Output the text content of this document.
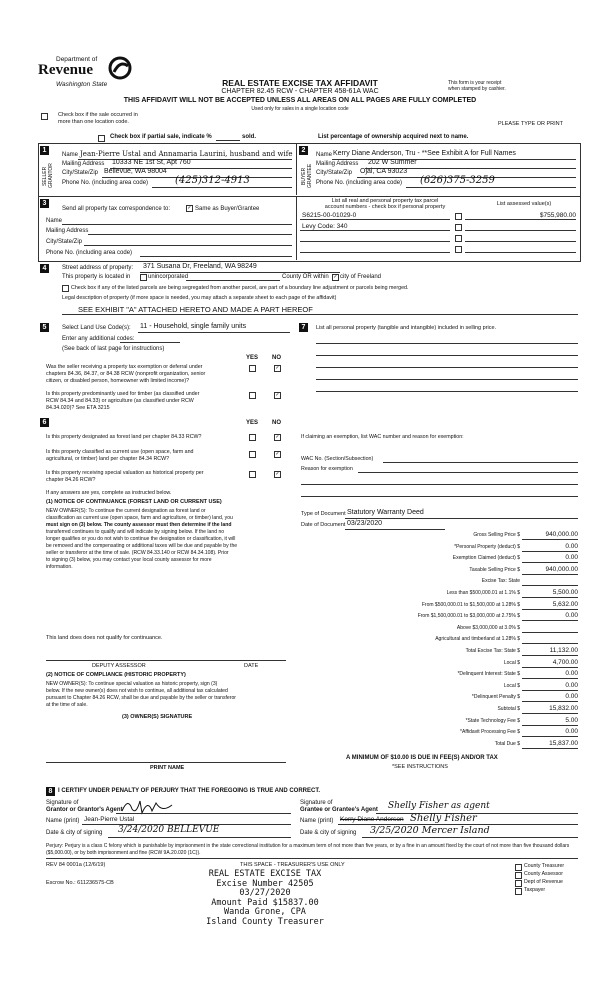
Department of
Revenue
Washington State	REAL ESTATE EXCISE TAX AFFIDAVIT
CHAPTER 82.45 RCW - CHAPTER 458-61A WAC
THIS AFFIDAVIT WILL NOT BE ACCEPTED UNLESS ALL AREAS ON ALL PAGES ARE FULLY COMPLETED
Used only for sales in a single location code
This form is your receipt
when stamped by cashier.
Check box if the sale occurred in
more than one location code.	PLEASE TYPE OR PRINT
Check box if partial sale, indicate %	sold.	List percentage of ownership acquired next to name.
1
SELLER GRANTOR
Name Jean-Pierre Ustal and Annamaria Laurini, husband and wife
Mailing Address 10333 NE 1st St, Apt 760
City/State/Zip Bellevue, WA 98004
Phone No. (including area code)	(425)312-4913
2
BUYER GRANTEE
Name Kerry Diane Anderson, Tru - **See Exhibit A for Full Names
Mailing Address 202 W Summer
City/State/Zip Ojai, CA 93023
Phone No. (including area code) (626)375-3259
3
Send all property tax correspondence to:	✓ Same as Buyer/Grantee
Name
Mailing Address
City/State/Zip
Phone No. (including area code)
List all real and personal property tax parcel
account numbers - check box if personal property	List assessed value(s)
S6215-00-01029-0
Levy Code: 340
$755,980.00
4	Street address of property: 371 Susana Dr, Freeland, WA 98249
This property is located in	unincorporated	County OR within ✓ city of Freeland
Check box if any of the listed parcels are being segregated from another parcel, are part of a boundary line adjustment or parcels being merged.
Legal description of property (if more space is needed, you may attach a separate sheet to each page of the affidavit)
SEE EXHIBIT "A" ATTACHED HERETO AND MADE A PART HEREOF
5	Select Land Use Code(s): 11 - Household, single family units
Enter any additional codes:
(See back of last page for instructions)
YES NO
Was the seller receiving a property tax exemption or deferral under
chapters 84.36, 84.37, or 84.38 RCW (nonprofit organization, senior
citizen, or disabled person, homeowner with limited income)?
✓
Is this property predominantly used for timber (as classified under
RCW 84.34 and 84.33) or agriculture (as classified under RCW
84.34.020)? See ETA 3215
✓
7	List all personal property (tangible and intangible) included in selling price.
6	YES NO
Is this property designated as forest land per chapter 84.33 RCW?	✓
Is this property classified as current use (open space, farm and
agricultural, or timber) land per chapter 84.34 RCW?
✓
Is this property receiving special valuation as historical property per
chapter 84.26 RCW?
✓
If any answers are yes, complete as instructed below.
(1) NOTICE OF CONTINUANCE (FOREST LAND OR CURRENT USE)
NEW OWNER(S): To continue the current designation as forest land or
classification as current use (open space, farm and agriculture, or timber) land, you
must sign on (3) below. The county assessor must then determine if the land
transferred continues to qualify and will indicate by signing below. If the land no
longer qualifies or you do not wish to continue the designation or classification, it will
be removed and the compensating or additional taxes will be due and payable by the
seller or transferor at the time of sale. (RCW 84.33.140 or RCW 84.34.108). Prior
to signing (3) below, you may contact your local county assessor for more
information.
This land does does not qualify for continuance.
DEPUTY ASSESSOR	DATE
(2) NOTICE OF COMPLIANCE (HISTORIC PROPERTY)
NEW OWNER(S): To continue special valuation as historic property, sign (3)
below. If the new owner(s) does not wish to continue, all additional tax calculated
pursuant to Chapter 84.26 RCW, shall be due and payable by the seller or transferor
at the time of sale.
(3) OWNER(S) SIGNATURE
PRINT NAME
If claiming an exemption, list WAC number and reason for exemption:
WAC No. (Section/Subsection)
Reason for exemption
Type of Document Statutory Warranty Deed
Date of Document 03/23/2020
Gross Selling Price $	940,000.00
*Personal Property (deduct) $	0.00
Exemption Claimed (deduct) $	0.00
Taxable Selling Price $	940,000.00
Excise Tax: State
Less than $500,000.01 at 1.1% $	5,500.00
From $500,000.01 to $1,500,000 at 1.28% $	5,632.00
From $1,500,000.01 to $3,000,000 at 2.75% $	0.00
Above $3,000,000 at 3.0% $
Agricultural and timberland at 1.28% $
Total Excise Tax: State $	11,132.00
Local $	4,700.00
*Delinquent Interest: State $	0.00
Local $	0.00
*Delinquent Penalty $	0.00
Subtotal $	15,832.00
*State Technology Fee $	5.00
*Affidavit Processing Fee $	0.00
Total Due $	15,837.00
A MINIMUM OF $10.00 IS DUE IN FEE(S) AND/OR TAX
*SEE INSTRUCTIONS
8 I CERTIFY UNDER PENALTY OF PERJURY THAT THE FOREGOING IS TRUE AND CORRECT.
Signature of
Grantor or Grantor's Agent
Name (print) Jean-Pierre Ustal
Date & city of signing 3/24/2020 BELLEVUE
Signature of
Grantee or Grantee's Agent Shelly Fisher as agent
Name (print) Kerry Diane Anderson Shelly Fisher
Date & city of signing 3/25/2020 Mercer Island
Perjury: Perjury is a class C felony which is punishable by imprisonment in the state correctional institution for a maximum term of not more than five years, or by a fine in an amount fixed by the court of not more than five thousand dollars ($5,000.00), or by both imprisonment and fine (RCW 9A.20.020 (1C)).
REV 84 0001a (12/6/19)	THIS SPACE - TREASURER'S USE ONLY
Escrow No.: 611236575-CB
County Treasurer
County Assessor
Dept of Revenue
Taxpayer
REAL ESTATE EXCISE TAX
Excise Number 42505
03/27/2020
Amount Paid $15837.00
Wanda Grone, CPA
Island County Treasurer
